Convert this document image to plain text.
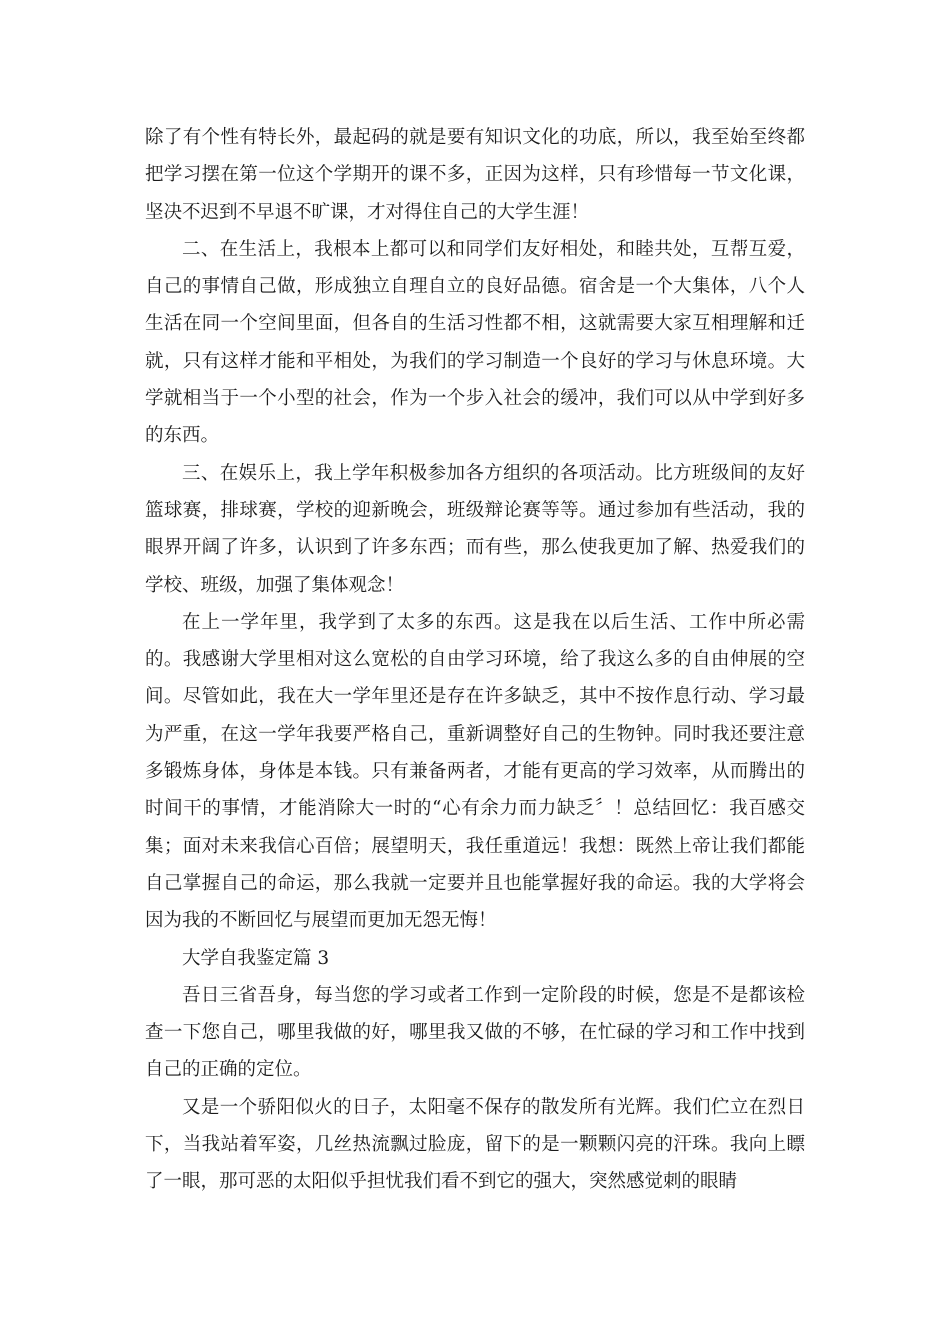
除了有个性有特长外，最起码的就是要有知识文化的功底，所以，我至始至终都把学习摆在第一位这个学期开的课不多，正因为这样，只有珍惜每一节文化课，坚决不迟到不早退不旷课，才对得住自己的大学生涯！

二、在生活上，我根本上都可以和同学们友好相处，和睦共处，互帮互爱，自己的事情自己做，形成独立自理自立的良好品德。宿舍是一个大集体，八个人生活在同一个空间里面，但各自的生活习性都不相，这就需要大家互相理解和迁就，只有这样才能和平相处，为我们的学习制造一个良好的学习与休息环境。大学就相当于一个小型的社会，作为一个步入社会的缓冲，我们可以从中学到好多的东西。

三、在娱乐上，我上学年积极参加各方组织的各项活动。比方班级间的友好篮球赛，排球赛，学校的迎新晚会，班级辩论赛等等。通过参加有些活动，我的眼界开阔了许多，认识到了许多东西；而有些，那么使我更加了解、热爱我们的学校、班级，加强了集体观念！

在上一学年里，我学到了太多的东西。这是我在以后生活、工作中所必需的。我感谢大学里相对这么宽松的自由学习环境，给了我这么多的自由伸展的空间。尽管如此，我在大一学年里还是存在许多缺乏，其中不按作息行动、学习最为严重，在这一学年我要严格自己，重新调整好自己的生物钟。同时我还要注意多锻炼身体，身体是本钱。只有兼备两者，才能有更高的学习效率，从而腾出的时间干的事情，才能消除大一时的“心有余力而力缺乏〞！总结回忆：我百感交集；面对未来我信心百倍；展望明天，我任重道远！我想：既然上帝让我们都能自己掌握自己的命运，那么我就一定要并且也能掌握好我的命运。我的大学将会因为我的不断回忆与展望而更加无怨无悔！

大学自我鉴定篇 3

吾日三省吾身，每当您的学习或者工作到一定阶段的时候，您是不是都该检查一下您自己，哪里我做的好，哪里我又做的不够，在忙碌的学习和工作中找到自己的正确的定位。

又是一个骄阳似火的日子，太阳毫不保存的散发所有光辉。我们伫立在烈日下，当我站着军姿，几丝热流飘过脸庞，留下的是一颗颗闪亮的汗珠。我向上瞟了一眼，那可恶的太阳似乎担忧我们看不到它的强大，突然感觉刺的眼睛
